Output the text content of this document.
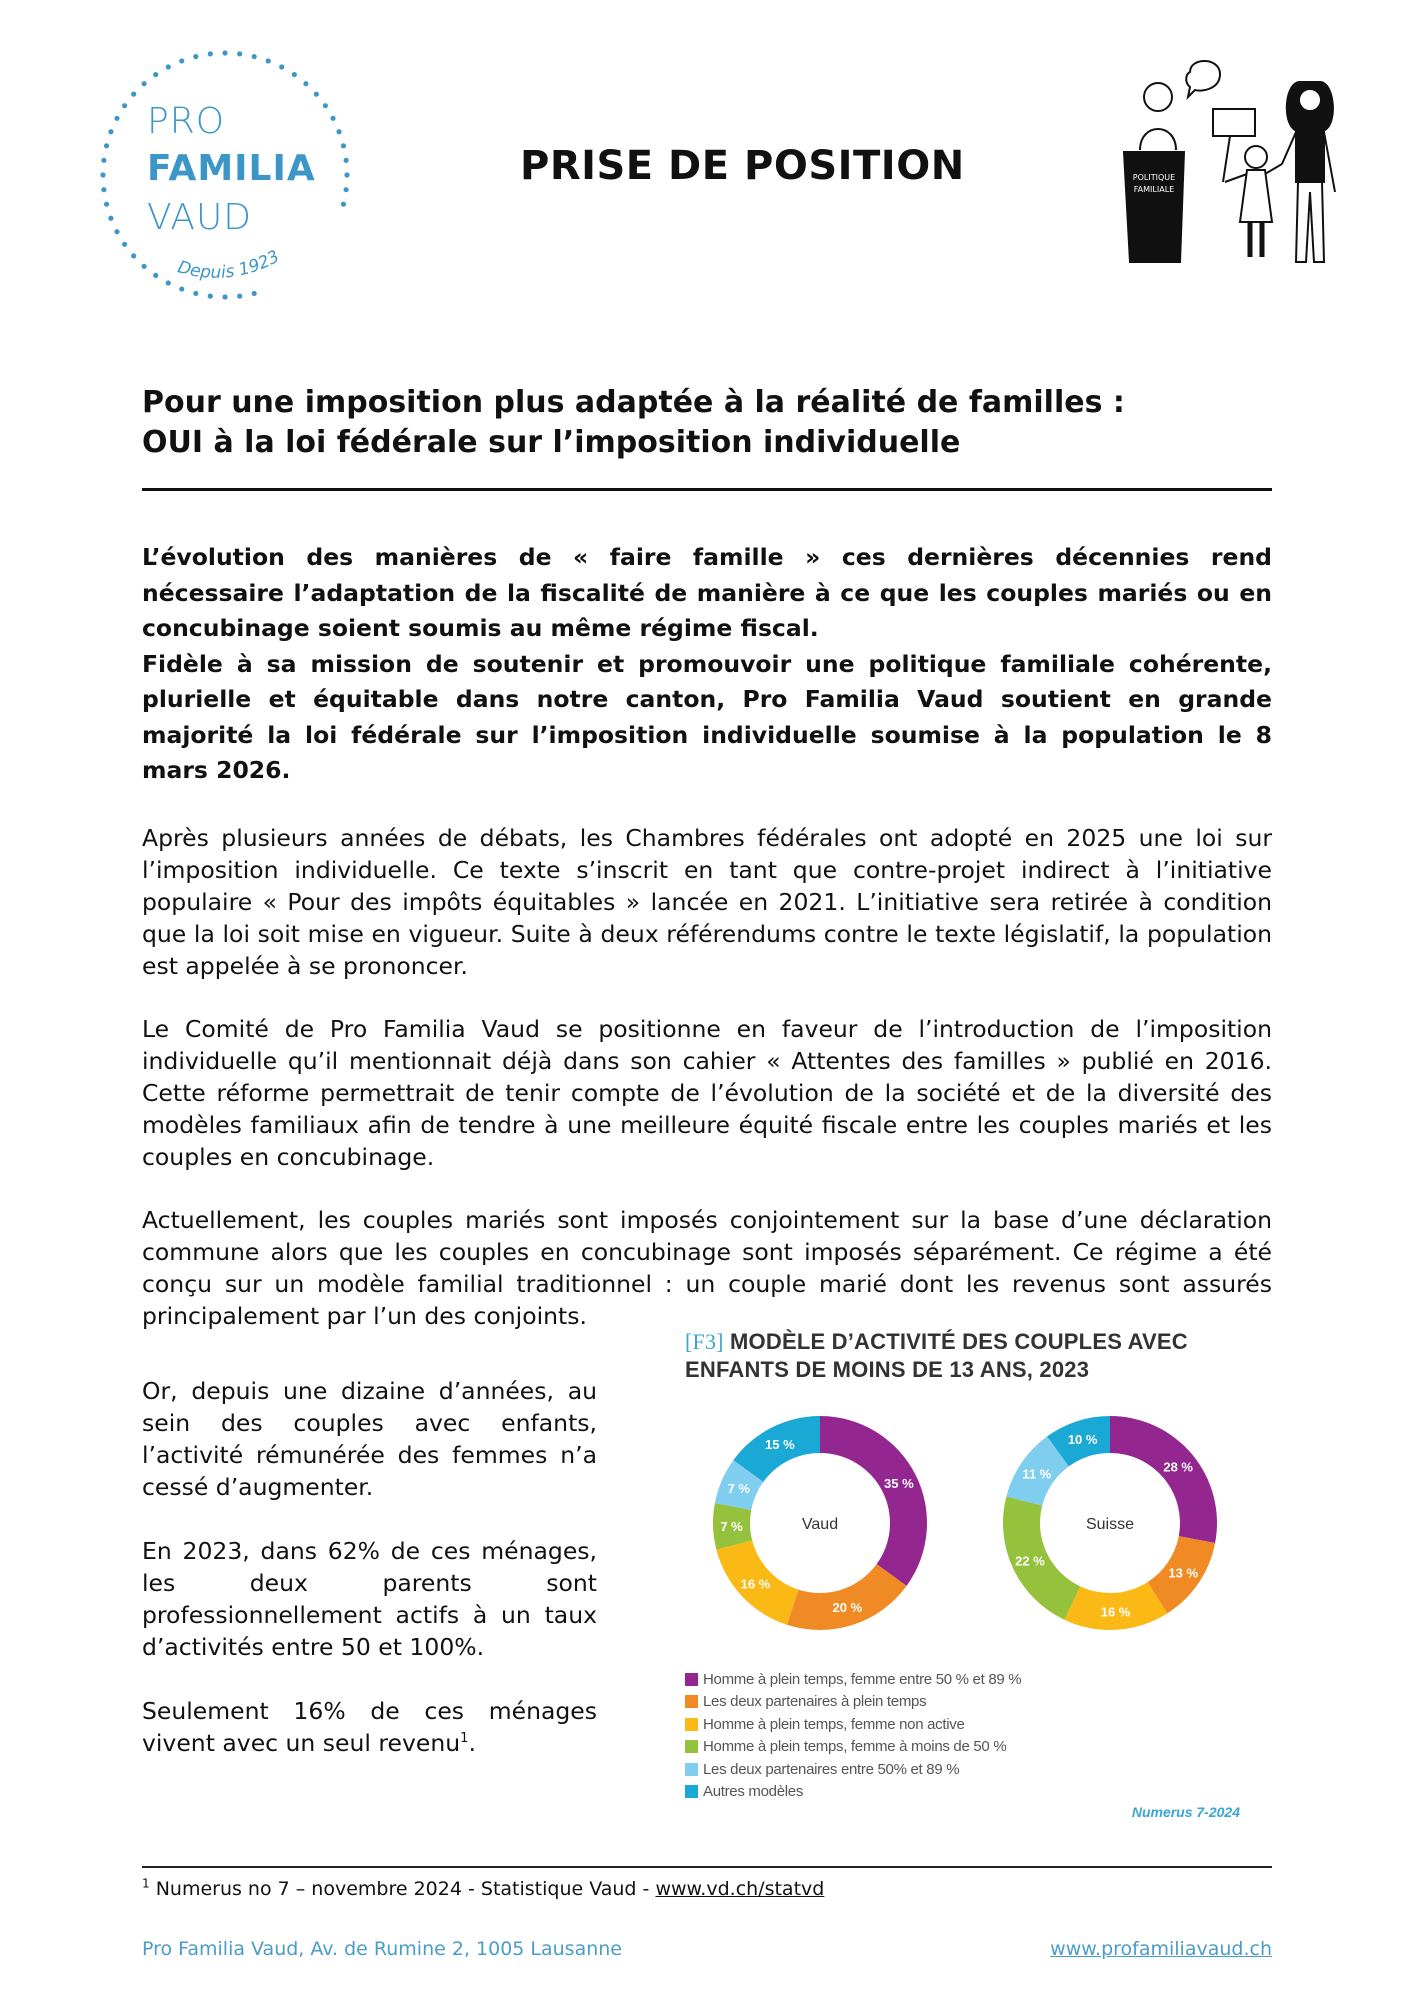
Depuis 1923
PRO
FAMILIA
VAUD
PRISE DE POSITION	POLITIQUE
FAMILIALE
Pour une imposition plus adaptée à la réalité de familles :
OUI à la loi fédérale sur l’imposition individuelle
L’évolution des manières de « faire famille » ces dernières décennies rend nécessaire l’adaptation de la fiscalité de manière à ce que les couples mariés ou en concubinage soient soumis au même régime fiscal.
Fidèle à sa mission de soutenir et promouvoir une politique familiale cohérente, plurielle et équitable dans notre canton, Pro Familia Vaud soutient en grande majorité la loi fédérale sur l’imposition individuelle soumise à la population le 8 mars 2026.
Après plusieurs années de débats, les Chambres fédérales ont adopté en 2025 une loi sur l’imposition individuelle. Ce texte s’inscrit en tant que contre-projet indirect à l’initiative populaire « Pour des impôts équitables » lancée en 2021. L’initiative sera retirée à condition que la loi soit mise en vigueur. Suite à deux référendums contre le texte législatif, la population est appelée à se prononcer.
Le Comité de Pro Familia Vaud se positionne en faveur de l’introduction de l’imposition individuelle qu’il mentionnait déjà dans son cahier « Attentes des familles » publié en 2016. Cette réforme permettrait de tenir compte de l’évolution de la société et de la diversité des modèles familiaux afin de tendre à une meilleure équité fiscale entre les couples mariés et les couples en concubinage.
Actuellement, les couples mariés sont imposés conjointement sur la base d’une déclaration commune alors que les couples en concubinage sont imposés séparément. Ce régime a été conçu sur un modèle familial traditionnel : un couple marié dont les revenus sont assurés principalement par l’un des conjoints.
Or, depuis une dizaine d’années, au sein des couples avec enfants, l’activité rémunérée des femmes n’a cessé d’augmenter.
En 2023, dans 62% de ces ménages, les deux parents sont professionnellement actifs à un taux d’activités entre 50 et 100%.
Seulement 16% de ces ménages vivent avec un seul revenu$^1$.
[F3] MODÈLE D’ACTIVITÉ DES COUPLES AVEC
ENFANTS DE MOINS DE 13 ANS, 2023
35 %
20 %
16 %
7 %
7 %
15 %
Vaud
28 %
13 %
16 %
22 %
11 %
10 %
Suisse
Homme à plein temps, femme entre 50 % et 89 %
Les deux partenaires à plein temps
Homme à plein temps, femme non active
Homme à plein temps, femme à moins de 50 %
Les deux partenaires entre 50% et 89 %
Autres modèles
Numerus 7-2024
$^1$ Numerus no 7 – novembre 2024 - Statistique Vaud - www.vd.ch/statvd
Pro Familia Vaud, Av. de Rumine 2, 1005 Lausanne	www.profamiliavaud.ch
